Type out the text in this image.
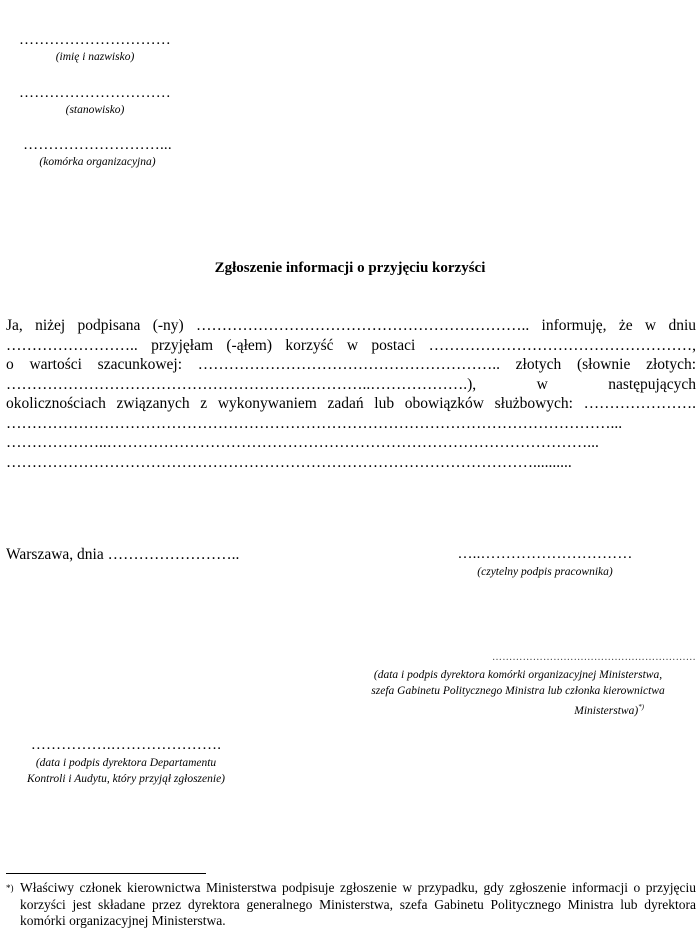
…………………………
(imię i nazwisko)
…………………………
(stanowisko)
………………………...
(komórka organizacyjna)
Zgłoszenie informacji o przyjęciu korzyści
Ja, niżej podpisana (-ny) ……………………………………………………….. informuję, że w dniu
…………………….. przyjęłam (-ąłem) korzyść w postaci ……………………………………………,
o wartości szacunkowej: ………………………………………………….. złotych (słownie złotych:
……………………………………………………………..……………….), w następujących
okolicznościach związanych z wykonywaniem zadań lub obowiązków służbowych: ………………….
………………………………………………………………………………………………………...
………………..…………………………………………………………………………………...
…………………………………………………………………………………………..........
Warszawa, dnia ……………………..	…..…………………………
(czytelny podpis pracownika)
……………………………………………………
(data i podpis dyrektora komórki organizacyjnej Ministerstwa,
szefa Gabinetu Politycznego Ministra lub członka kierownictwa
Ministerstwa)*)
…………….………………….
(data i podpis dyrektora Departamentu
Kontroli i Audytu, który przyjął zgłoszenie)
*) Właściwy członek kierownictwa Ministerstwa podpisuje zgłoszenie w przypadku, gdy zgłoszenie informacji o przyjęciu korzyści jest składane przez dyrektora generalnego Ministerstwa, szefa Gabinetu Politycznego Ministra lub dyrektora komórki organizacyjnej Ministerstwa.
